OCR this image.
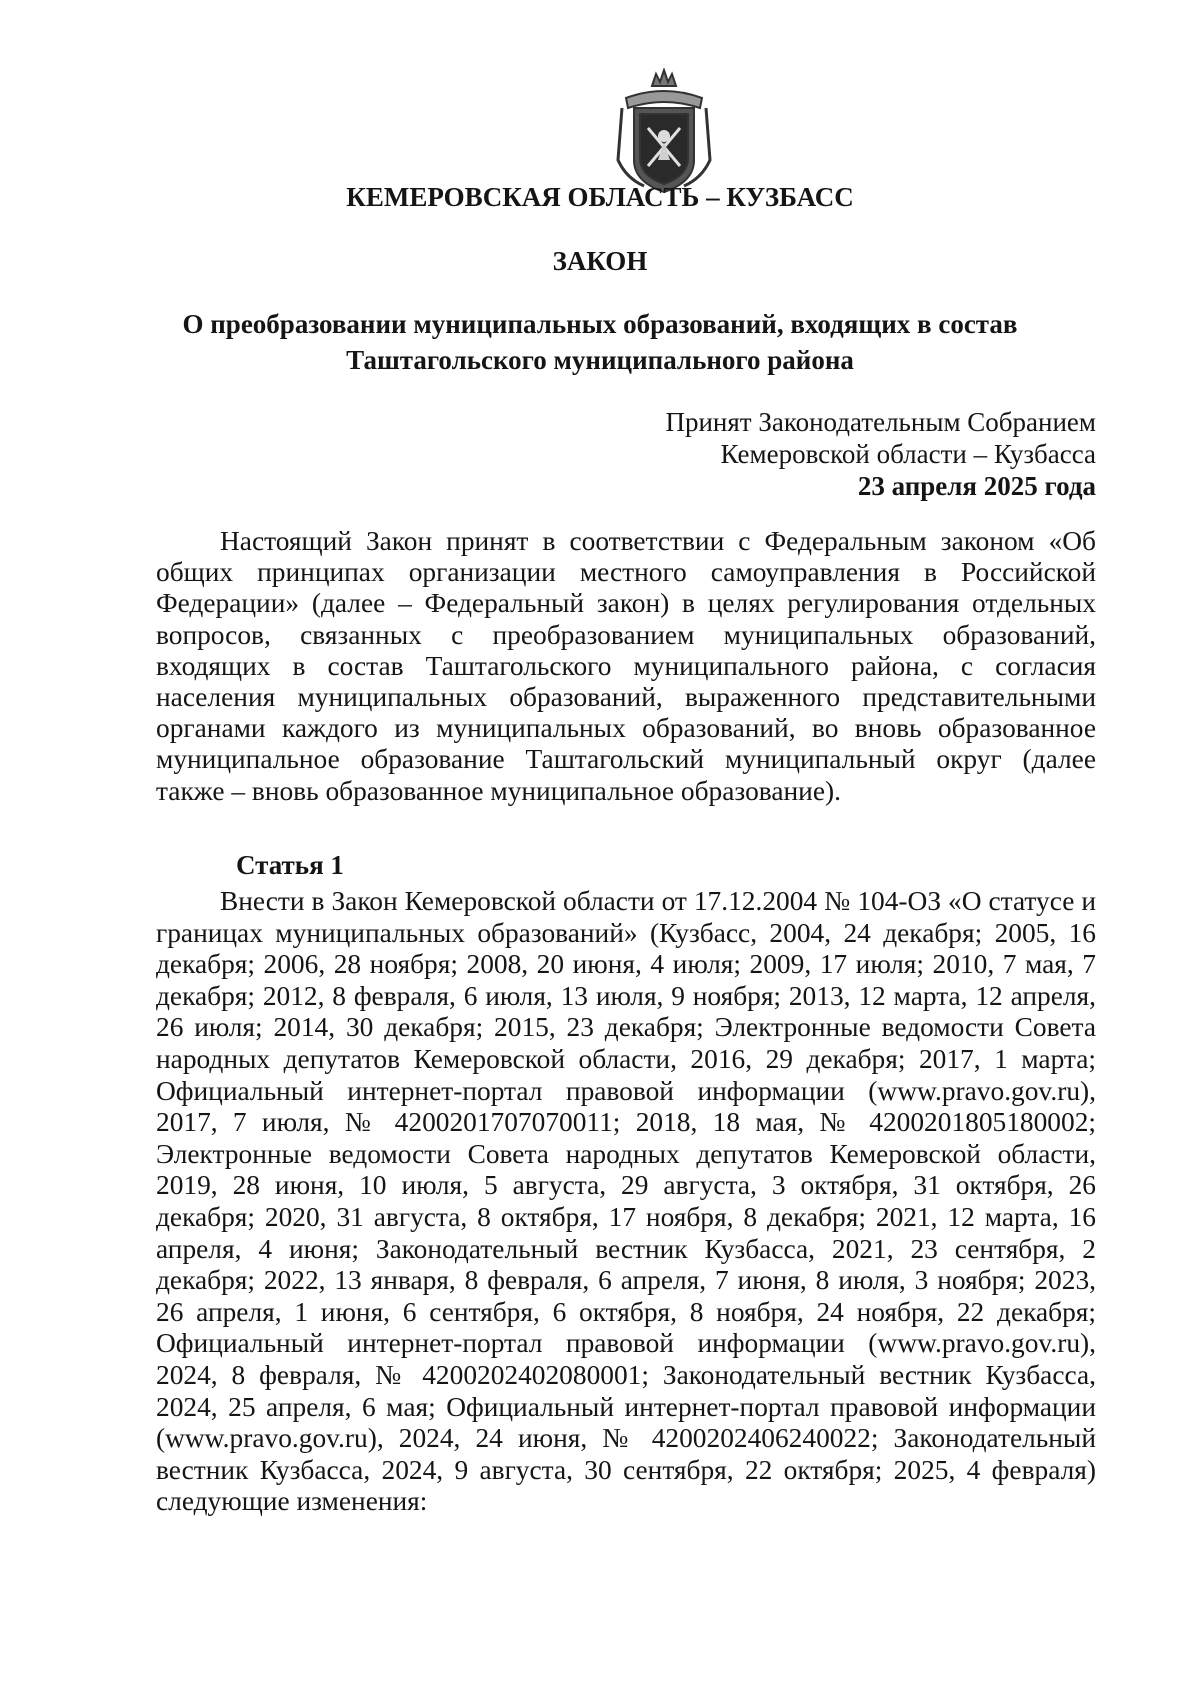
КЕМЕРОВСКАЯ ОБЛАСТЬ – КУЗБАСС
ЗАКОН
О преобразовании муниципальных образований, входящих в состав
Таштагольского муниципального района
Принят Законодательным Собранием
Кемеровской области – Кузбасса
23 апреля 2025 года

Настоящий Закон принят в соответствии с Федеральным законом «Об общих принципах организации местного самоуправления в Российской Федерации» (далее – Федеральный закон) в целях регулирования отдельных вопросов, связанных с преобразованием муниципальных образований, входящих в состав Таштагольского муниципального района, с согласия населения муниципальных образований, выраженного представительными органами каждого из муниципальных образований, во вновь образованное муниципальное образование Таштагольский муниципальный округ (далее также – вновь образованное муниципальное образование).

Статья 1

Внести в Закон Кемеровской области от 17.12.2004 № 104-ОЗ «О статусе и границах муниципальных образований» (Кузбасс, 2004, 24 декабря; 2005, 16 декабря; 2006, 28 ноября; 2008, 20 июня, 4 июля; 2009, 17 июля; 2010, 7 мая, 7 декабря; 2012, 8 февраля, 6 июля, 13 июля, 9 ноября; 2013, 12 марта, 12 апреля, 26 июля; 2014, 30 декабря; 2015, 23 декабря; Электронные ведомости Совета народных депутатов Кемеровской области, 2016, 29 декабря; 2017, 1 марта; Официальный интернет-портал правовой информации (www.pravo.gov.ru), 2017, 7 июля, № 4200201707070011; 2018, 18 мая, № 4200201805180002; Электронные ведомости Совета народных депутатов Кемеровской области, 2019, 28 июня, 10 июля, 5 августа, 29 августа, 3 октября, 31 октября, 26 декабря; 2020, 31 августа, 8 октября, 17 ноября, 8 декабря; 2021, 12 марта, 16 апреля, 4 июня; Законодательный вестник Кузбасса, 2021, 23 сентября, 2 декабря; 2022, 13 января, 8 февраля, 6 апреля, 7 июня, 8 июля, 3 ноября; 2023, 26 апреля, 1 июня, 6 сентября, 6 октября, 8 ноября, 24 ноября, 22 декабря; Официальный интернет-портал правовой информации (www.pravo.gov.ru), 2024, 8 февраля, № 4200202402080001; Законодательный вестник Кузбасса, 2024, 25 апреля, 6 мая; Официальный интернет-портал правовой информации (www.pravo.gov.ru), 2024, 24 июня, № 4200202406240022; Законодательный вестник Кузбасса, 2024, 9 августа, 30 сентября, 22 октября; 2025, 4 февраля) следующие изменения:
